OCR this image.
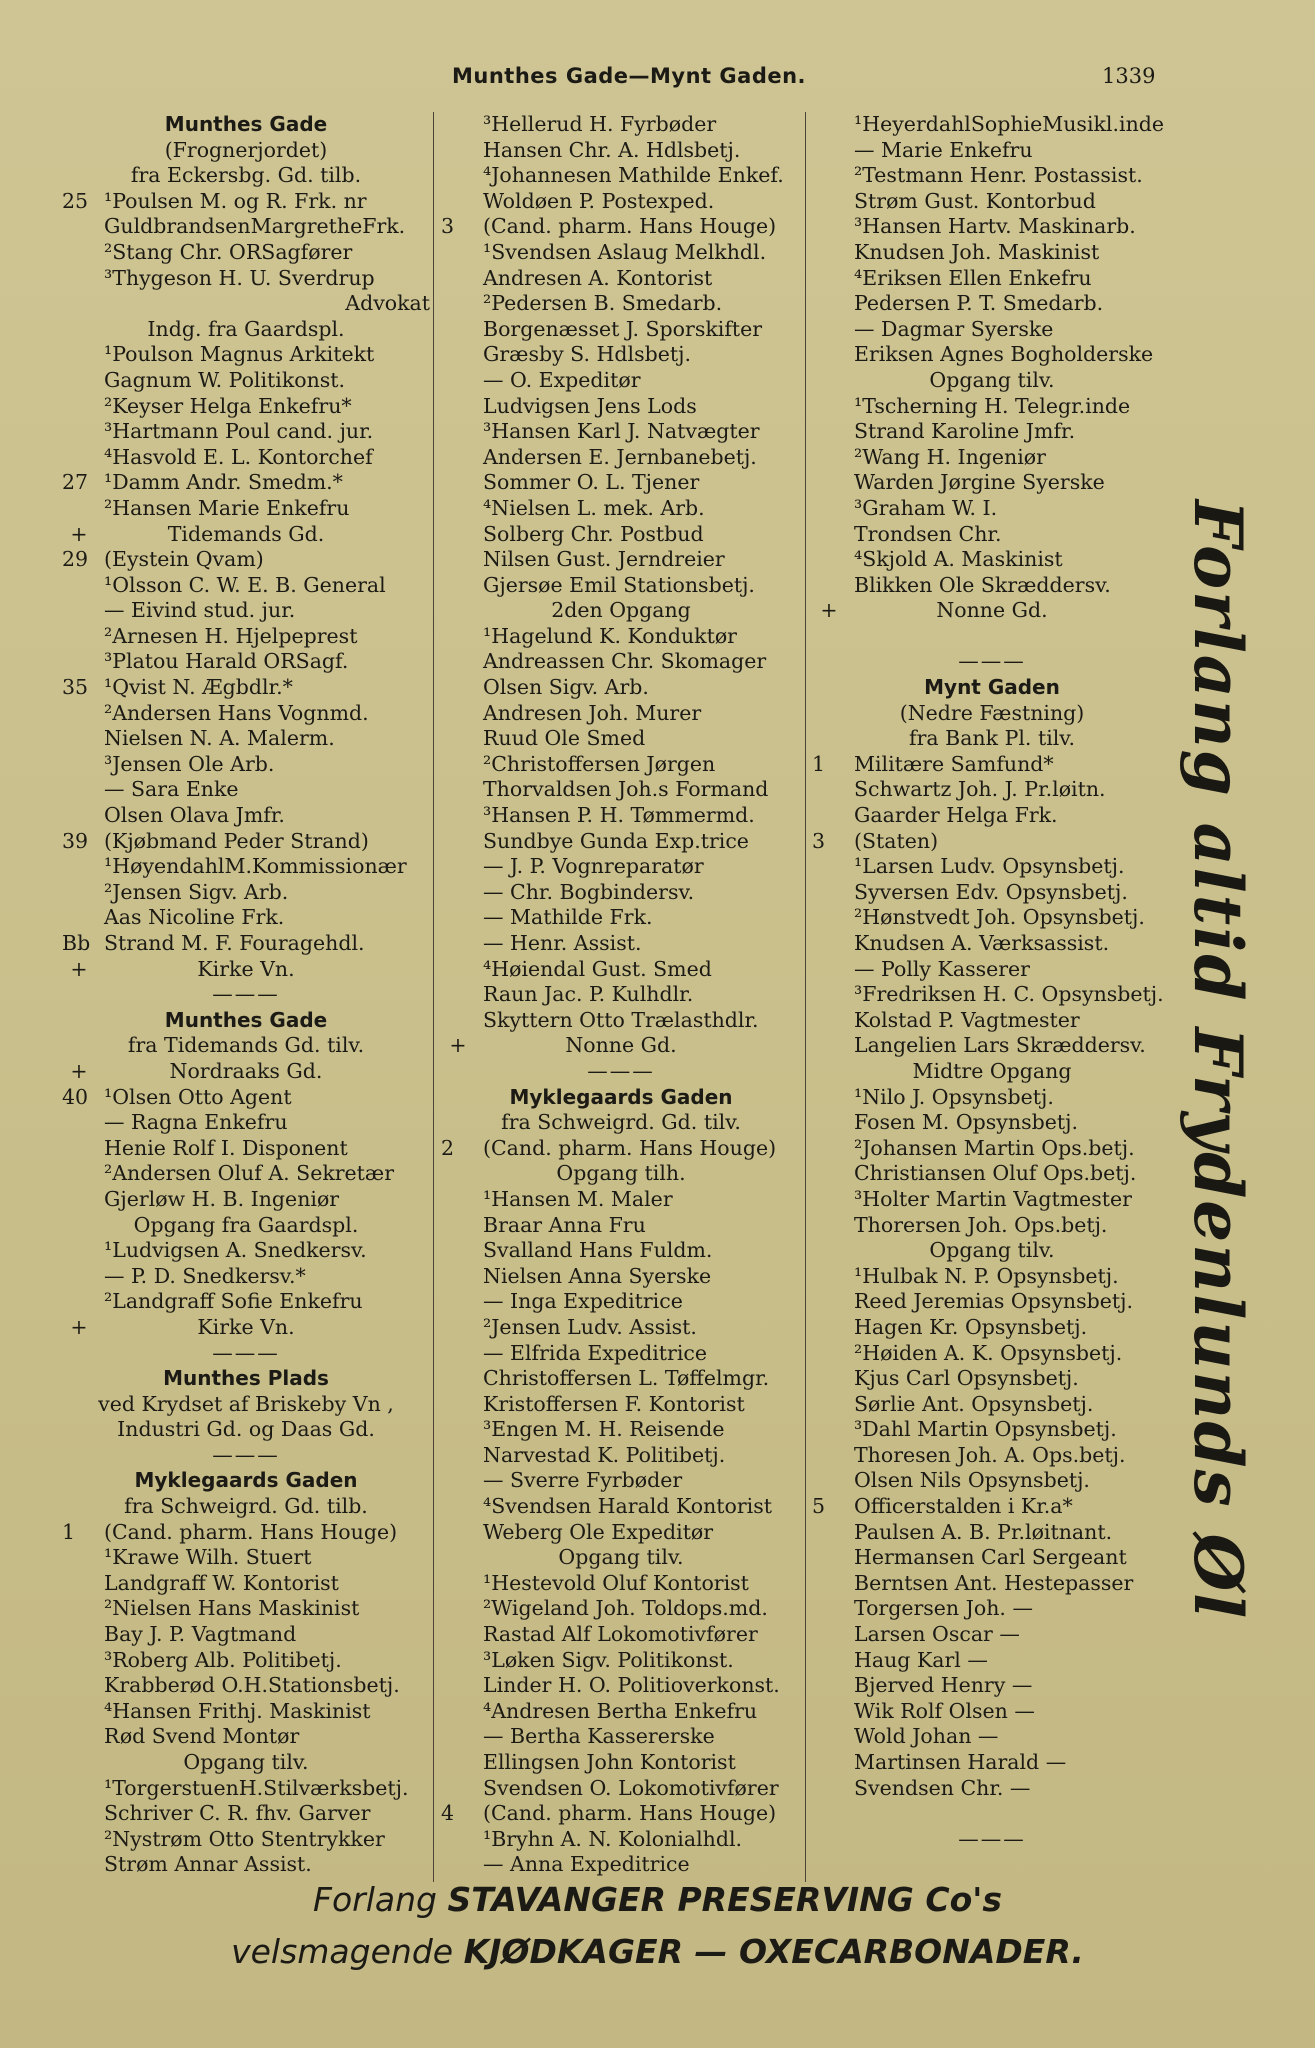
Munthes Gade—Mynt Gaden.	1339
Munthes Gade
(Frognerjordet)
fra Eckersbg. Gd. tilb.
25 ¹Poulsen M. og R. Frk. nr
GuldbrandsenMargretheFrk.
²Stang Chr. ORSagfører
³Thygeson H. U. Sverdrup
Advokat
Indg. fra Gaardspl.
¹Poulson Magnus Arkitekt
Gagnum W. Politikonst.
²Keyser Helga Enkefru*
³Hartmann Poul cand. jur.
⁴Hasvold E. L. Kontorchef
27 ¹Damm Andr. Smedm.*
²Hansen Marie Enkefru
+	Tidemands Gd.
29 (Eystein Qvam)
¹Olsson C. W. E. B. General
— Eivind stud. jur.
²Arnesen H. Hjelpeprest
³Platou Harald ORSagf.
35 ¹Qvist N. Ægbdlr.*
²Andersen Hans Vognmd.
Nielsen N. A. Malerm.
³Jensen Ole Arb.
— Sara Enke
Olsen Olava Jmfr.
39 (Kjøbmand Peder Strand)
¹HøyendahlM.Kommissionær
²Jensen Sigv. Arb.
Aas Nicoline Frk.
Bb Strand M. F. Fouragehdl.
+	Kirke Vn.
———
Munthes Gade
fra Tidemands Gd. tilv.
+	Nordraaks Gd.
40 ¹Olsen Otto Agent
— Ragna Enkefru
Henie Rolf I. Disponent
²Andersen Oluf A. Sekretær
Gjerløw H. B. Ingeniør
Opgang fra Gaardspl.
¹Ludvigsen A. Snedkersv.
— P. D. Snedkersv.*
²Landgraff Sofie Enkefru
+	Kirke Vn.
———
Munthes Plads
ved Krydset af Briskeby Vn ,
Industri Gd. og Daas Gd.
———
Myklegaards Gaden
fra Schweigrd. Gd. tilb.
1	(Cand. pharm. Hans Houge)
¹Krawe Wilh. Stuert
Landgraff W. Kontorist
²Nielsen Hans Maskinist
Bay J. P. Vagtmand
³Roberg Alb. Politibetj.
Krabberød O.H.Stationsbetj.
⁴Hansen Frithj. Maskinist
Rød Svend Montør
Opgang tilv.
¹TorgerstuenH.Stilværksbetj.
Schriver C. R. fhv. Garver
²Nystrøm Otto Stentrykker
Strøm Annar Assist.
³Hellerud H. Fyrbøder
Hansen Chr. A. Hdlsbetj.
⁴Johannesen Mathilde Enkef.
Woldøen P. Postexped.
3	(Cand. pharm. Hans Houge)
¹Svendsen Aslaug Melkhdl.
Andresen A. Kontorist
²Pedersen B. Smedarb.
Borgenæsset J. Sporskifter
Græsby S. Hdlsbetj.
— O. Expeditør
Ludvigsen Jens Lods
³Hansen Karl J. Natvægter
Andersen E. Jernbanebetj.
Sommer O. L. Tjener
⁴Nielsen L. mek. Arb.
Solberg Chr. Postbud
Nilsen Gust. Jerndreier
Gjersøe Emil Stationsbetj.
2den Opgang
¹Hagelund K. Konduktør
Andreassen Chr. Skomager
Olsen Sigv. Arb.
Andresen Joh. Murer
Ruud Ole Smed
²Christoffersen Jørgen
Thorvaldsen Joh.s Formand
³Hansen P. H. Tømmermd.
Sundbye Gunda Exp.trice
— J. P. Vognreparatør
— Chr. Bogbindersv.
— Mathilde Frk.
— Henr. Assist.
⁴Høiendal Gust. Smed
Raun Jac. P. Kulhdlr.
Skyttern Otto Trælasthdlr.
+	Nonne Gd.
———
Myklegaards Gaden
fra Schweigrd. Gd. tilv.
2	(Cand. pharm. Hans Houge)
Opgang tilh.
¹Hansen M. Maler
Braar Anna Fru
Svalland Hans Fuldm.
Nielsen Anna Syerske
— Inga Expeditrice
²Jensen Ludv. Assist.
— Elfrida Expeditrice
Christoffersen L. Tøffelmgr.
Kristoffersen F. Kontorist
³Engen M. H. Reisende
Narvestad K. Politibetj.
— Sverre Fyrbøder
⁴Svendsen Harald Kontorist
Weberg Ole Expeditør
Opgang tilv.
¹Hestevold Oluf Kontorist
²Wigeland Joh. Toldops.md.
Rastad Alf Lokomotivfører
³Løken Sigv. Politikonst.
Linder H. O. Politioverkonst.
⁴Andresen Bertha Enkefru
— Bertha Kassererske
Ellingsen John Kontorist
Svendsen O. Lokomotivfører
4	(Cand. pharm. Hans Houge)
¹Bryhn A. N. Kolonialhdl.
— Anna Expeditrice
¹HeyerdahlSophieMusikl.inde
— Marie Enkefru
²Testmann Henr. Postassist.
Strøm Gust. Kontorbud
³Hansen Hartv. Maskinarb.
Knudsen Joh. Maskinist
⁴Eriksen Ellen Enkefru
Pedersen P. T. Smedarb.
— Dagmar Syerske
Eriksen Agnes Bogholderske
Opgang tilv.
¹Tscherning H. Telegr.inde
Strand Karoline Jmfr.
²Wang H. Ingeniør
Warden Jørgine Syerske
³Graham W. I.
Trondsen Chr.
⁴Skjold A. Maskinist
Blikken Ole Skræddersv.
+	Nonne Gd.
———
Mynt Gaden
(Nedre Fæstning)
fra Bank Pl. tilv.
1	Militære Samfund*
Schwartz Joh. J. Pr.løitn.
Gaarder Helga Frk.
3	(Staten)
¹Larsen Ludv. Opsynsbetj.
Syversen Edv. Opsynsbetj.
²Hønstvedt Joh. Opsynsbetj.
Knudsen A. Værksassist.
— Polly Kasserer
³Fredriksen H. C. Opsynsbetj.
Kolstad P. Vagtmester
Langelien Lars Skræddersv.
Midtre Opgang
¹Nilo J. Opsynsbetj.
Fosen M. Opsynsbetj.
²Johansen Martin Ops.betj.
Christiansen Oluf Ops.betj.
³Holter Martin Vagtmester
Thorersen Joh. Ops.betj.
Opgang tilv.
¹Hulbak N. P. Opsynsbetj.
Reed Jeremias Opsynsbetj.
Hagen Kr. Opsynsbetj.
²Høiden A. K. Opsynsbetj.
Kjus Carl Opsynsbetj.
Sørlie Ant. Opsynsbetj.
³Dahl Martin Opsynsbetj.
Thoresen Joh. A. Ops.betj.
Olsen Nils Opsynsbetj.
5	Officerstalden i Kr.a*
Paulsen A. B. Pr.løitnant.
Hermansen Carl Sergeant
Berntsen Ant. Hestepasser
Torgersen Joh. —
Larsen Oscar —
Haug Karl —
Bjerved Henry —
Wik Rolf Olsen —
Wold Johan —
Martinsen Harald —
Svendsen Chr. —
———
Forlang altid Frydenlunds Øl
Forlang STAVANGER PRESERVING Co's
velsmagende KJØDKAGER — OXECARBONADER.
